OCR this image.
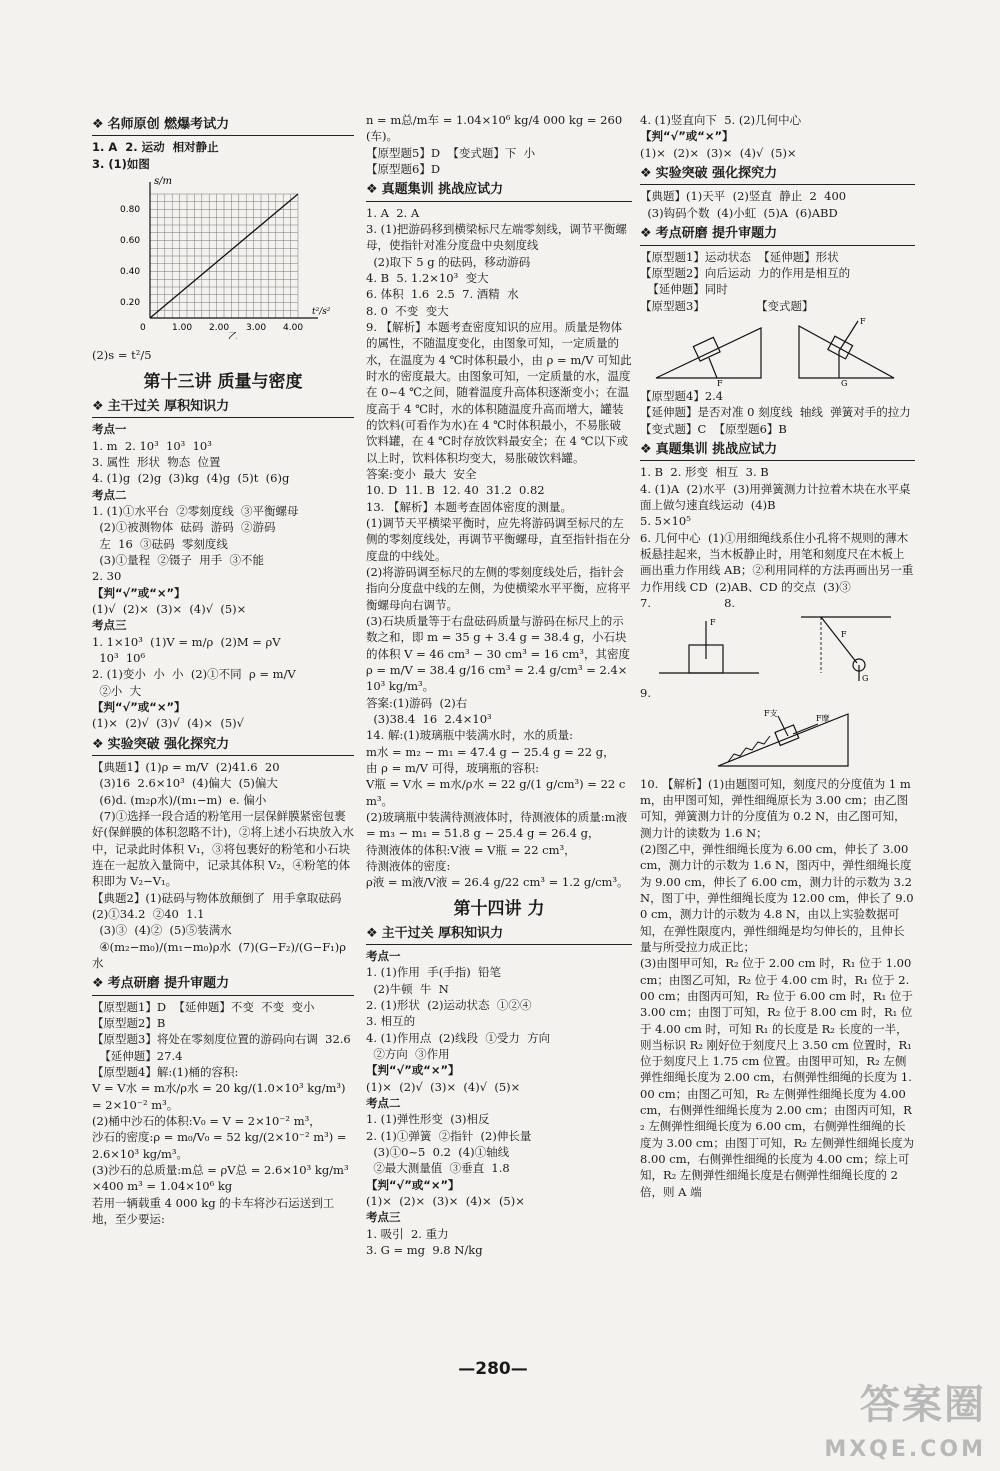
❖ 名师原创 燃爆考试力
1. A  2. 运动  相对静止
3. (1)如图
s/m
t²/s²
0.80
0.60
0.40
0.20
0	1.00 2.00 3.00 4.00
乙
(2)s = t²/5
第十三讲 质量与密度
❖ 主干过关 厚积知识力
考点一
1. m  2. 10³  10³  10³
3. 属性  形状  物态  位置
4. (1)g  (2)g  (3)kg  (4)g  (5)t  (6)g
考点二
1. (1)①水平台  ②零刻度线  ③平衡螺母
(2)①被测物体  砝码  游码  ②游码
左  16  ③砝码  零刻度线
(3)①量程  ②镊子  用手  ③不能
2. 30
【判“√”或“×”】
(1)√  (2)×  (3)×  (4)√  (5)×
考点三
1. 1×10³  (1)V = m/ρ  (2)M = ρV
10³  10⁶
2. (1)变小  小  小  (2)①不同  ρ = m/V
②小  大
【判“√”或“×”】
(1)×  (2)√  (3)√  (4)×  (5)√
❖ 实验突破 强化探究力
【典题1】(1)ρ = m/V  (2)41.6  20
(3)16  2.6×10³  (4)偏大  (5)偏大
(6)d. (m₂ρ水)/(m₁−m)  e. 偏小
(7)①选择一段合适的粉笔用一层保鲜膜紧密包裹好(保鲜膜的体积忽略不计)，②将上述小石块放入水中，记录此时体积 V₁，③将包裹好的粉笔和小石块连在一起放入量筒中，记录其体积 V₂，④粉笔的体积即为 V₂−V₁。
【典题2】(1)砝码与物体放颠倒了  用手拿取砝码  (2)①34.2  ②40  1.1
(3)③  (4)②  (5)⑤装满水
④(m₂−m₀)/(m₁−m₀)ρ水  (7)(G−F₂)/(G−F₁)ρ水
❖ 考点研磨 提升审题力
【原型题1】D  【延伸题】不变  不变  变小
【原型题2】B
【原型题3】将处在零刻度位置的游码向右调  32.6
【延伸题】27.4
【原型题4】解:(1)桶的容积:
V = V水 = m水/ρ水 = 20 kg/(1.0×10³ kg/m³) = 2×10⁻² m³。
(2)桶中沙石的体积:V₀ = V = 2×10⁻² m³，
沙石的密度:ρ = m₀/V₀ = 52 kg/(2×10⁻² m³) = 2.6×10³ kg/m³。
(3)沙石的总质量:m总 = ρV总 = 2.6×10³ kg/m³×400 m³ = 1.04×10⁶ kg
若用一辆载重 4 000 kg 的卡车将沙石运送到工地，至少要运:
n = m总/m车 = 1.04×10⁶ kg/4 000 kg = 260(车)。
【原型题5】D  【变式题】下  小
【原型题6】D
❖ 真题集训 挑战应试力
1. A  2. A
3. (1)把游码移到横梁标尺左端零刻线，调节平衡螺母，使指针对准分度盘中央刻度线
(2)取下 5 g 的砝码，移动游码
4. B  5. 1.2×10³  变大
6. 体积  1.6  2.5  7. 酒精  水
8. 0  不变  变大
9. 【解析】本题考查密度知识的应用。质量是物体的属性，不随温度变化，由图象可知，一定质量的水，在温度为 4 ℃时体积最小，由 ρ = m/V 可知此时水的密度最大。由图象可知，一定质量的水，温度在 0~4 ℃之间，随着温度升高体积逐渐变小；在温度高于 4 ℃时，水的体积随温度升高而增大，罐装的饮料(可看作为水)在 4 ℃时体积最小，不易胀破饮料罐，在 4 ℃时存放饮料最安全；在 4 ℃以下或以上时，饮料体积均变大，易胀破饮料罐。
答案:变小  最大  安全
10. D  11. B  12. 40  31.2  0.82
13. 【解析】本题考查固体密度的测量。
(1)调节天平横梁平衡时，应先将游码调至标尺的左侧的零刻度线处，再调节平衡螺母，直至指针指在分度盘的中线处。
(2)将游码调至标尺的左侧的零刻度线处后，指针会指向分度盘中线的左侧，为使横梁水平平衡，应将平衡螺母向右调节。
(3)石块质量等于右盘砝码质量与游码在标尺上的示数之和，即 m = 35 g + 3.4 g = 38.4 g，小石块的体积 V = 46 cm³ − 30 cm³ = 16 cm³，其密度 ρ = m/V = 38.4 g/16 cm³ = 2.4 g/cm³ = 2.4×10³ kg/m³。
答案:(1)游码  (2)右
(3)38.4  16  2.4×10³
14. 解:(1)玻璃瓶中装满水时，水的质量:
m水 = m₂ − m₁ = 47.4 g − 25.4 g = 22 g，
由 ρ = m/V 可得，玻璃瓶的容积:
V瓶 = V水 = m水/ρ水 = 22 g/(1 g/cm³) = 22 cm³。
(2)玻璃瓶中装满待测液体时，待测液体的质量:m液 = m₃ − m₁ = 51.8 g − 25.4 g = 26.4 g，
待测液体的体积:V液 = V瓶 = 22 cm³，
待测液体的密度:
ρ液 = m液/V液 = 26.4 g/22 cm³ = 1.2 g/cm³。
第十四讲 力
❖ 主干过关 厚积知识力
考点一
1. (1)作用  手(手指)  铅笔
(2)牛顿  牛  N
2. (1)形状  (2)运动状态  ①②④
3. 相互的
4. (1)作用点  (2)线段  ①受力  方向
②方向  ③作用
【判“√”或“×”】
(1)×  (2)√  (3)×  (4)√  (5)×
考点二
1. (1)弹性形变  (3)相反
2. (1)①弹簧  ②指针  (2)伸长量
(3)①0~5  0.2  (4)①轴线
②最大测量值  ③垂直  1.8
【判“√”或“×”】
(1)×  (2)×  (3)×  (4)×  (5)×
考点三
1. 吸引  2. 重力
3. G = mg  9.8 N/kg
4. (1)竖直向下  5. (2)几何中心
【判“√”或“×”】
(1)×  (2)×  (3)×  (4)√  (5)×
❖ 实验突破 强化探究力
【典题】(1)天平  (2)竖直  静止  2  400
(3)钩码个数  (4)小虹  (5)A  (6)ABD
❖ 考点研磨 提升审题力
【原型题1】运动状态  【延伸题】形状
【原型题2】向后运动  力的作用是相互的
【延伸题】同时
【原型题3】              【变式题】
F
F
G
【原型题4】2.4
【延伸题】是否对准 0 刻度线  轴线  弹簧对手的拉力
【变式题】C  【原型题6】B
❖ 真题集训 挑战应试力
1. B  2. 形变  相互  3. B
4. (1)A  (2)水平  (3)用弹簧测力计拉着木块在水平桌面上做匀速直线运动  (4)B
5. 5×10⁵
6. 几何中心  (1)①用细绳线系住小孔将不规则的薄木板悬挂起来，当木板静止时，用笔和刻度尺在木板上画出重力作用线 AB；②利用同样的方法再画出另一重力作用线 CD  (2)AB、CD 的交点  (3)③
7.                    8.
F
F
G
9.
F支
F摩
10. 【解析】(1)由题图可知，刻度尺的分度值为 1 mm，由甲图可知，弹性细绳原长为 3.00 cm；由乙图可知，弹簧测力计的分度值为 0.2 N，由乙图可知，测力计的读数为 1.6 N；
(2)图乙中，弹性细绳长度为 6.00 cm，伸长了 3.00 cm，测力计的示数为 1.6 N，图丙中，弹性细绳长度为 9.00 cm，伸长了 6.00 cm，测力计的示数为 3.2 N，图丁中，弹性细绳长度为 12.00 cm，伸长了 9.00 cm，测力计的示数为 4.8 N，由以上实验数据可知，在弹性限度内，弹性细绳是均匀伸长的，且伸长量与所受拉力成正比；
(3)由图甲可知，R₂ 位于 2.00 cm 时，R₁ 位于 1.00 cm；由图乙可知，R₂ 位于 4.00 cm 时，R₁ 位于 2.00 cm；由图丙可知，R₂ 位于 6.00 cm 时，R₁ 位于 3.00 cm；由图丁可知，R₂ 位于 8.00 cm 时，R₁ 位于 4.00 cm 时，可知 R₁ 的长度是 R₂ 长度的一半，则当标识 R₂ 刚好位于刻度尺上 3.50 cm 位置时，R₁ 位于刻度尺上 1.75 cm 位置。由图甲可知，R₂ 左侧弹性细绳长度为 2.00 cm，右侧弹性细绳的长度为 1.00 cm；由图乙可知，R₂ 左侧弹性细绳长度为 4.00 cm，右侧弹性细绳长度为 2.00 cm；由图丙可知，R₂ 左侧弹性细绳长度为 6.00 cm，右侧弹性细绳的长度为 3.00 cm；由图丁可知，R₂ 左侧弹性细绳长度为 8.00 cm，右侧弹性细绳的长度为 4.00 cm；综上可知，R₂ 左侧弹性细绳长度是右侧弹性细绳长度的 2 倍，则 A 端
—280—
答案圈
MXQE.COM
